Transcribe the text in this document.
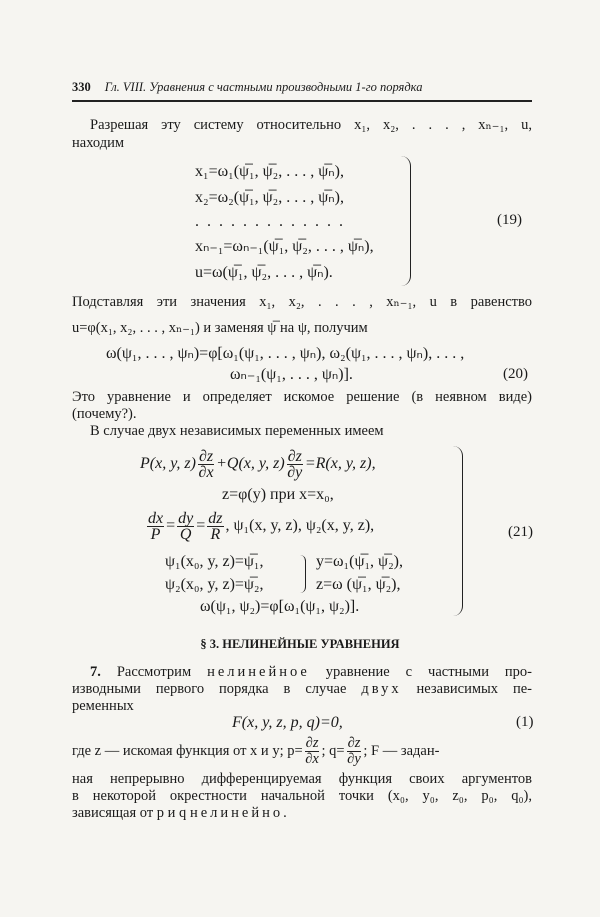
330 Гл. VIII. Уравнения с частными производными 1-го порядка
Разрешая эту систему относительно x₁, x₂, . . . , xₙ₋₁, u,
находим
x₁=ω₁(ψ̅₁, ψ̅₂, . . . , ψ̅ₙ),
x₂=ω₂(ψ̅₁, ψ̅₂, . . . , ψ̅ₙ),
. . . . . . . . . . . . .
xₙ₋₁=ωₙ₋₁(ψ̅₁, ψ̅₂, . . . , ψ̅ₙ),
u=ω(ψ̅₁, ψ̅₂, . . . , ψ̅ₙ).
(19)
Подставляя эти значения x₁, x₂, . . . , xₙ₋₁, u в равенство
u=φ(x₁, x₂, . . . , xₙ₋₁) и заменяя ψ̅ на ψ, получим
ω(ψ₁, . . . , ψₙ)=φ[ω₁(ψ₁, . . . , ψₙ), ω₂(ψ₁, . . . , ψₙ), . . . ,
ωₙ₋₁(ψ₁, . . . , ψₙ)].	(20)
Это уравнение и определяет искомое решение (в неявном виде)
(почему?).
В случае двух независимых переменных имеем
P(x, y, $z) \frac{\partial z}{\partial x} +Q(x$, y, $z) \frac{\partial z}{\partial y} =R(x$, y, z),
z=φ(y) при x=x₀,
$\frac{dx}{P} = \frac{dy}{Q} = \frac{dz}{R}$ , ψ₁(x, y, z), ψ₂(x, y, z),
ψ₁(x₀, y, z)=ψ̅₁,	y=ω₁(ψ̅₁, ψ̅₂),
ψ₂(x₀, y, z)=ψ̅₂,	z=ω (ψ̅₁, ψ̅₂),
ω(ψ₁, ψ₂)=φ[ω₁(ψ₁, ψ₂)].
(21)
§ 3. НЕЛИНЕЙНЫЕ УРАВНЕНИЯ
7. Рассмотрим нелинейное уравнение с частными про-
изводными первого порядка в случае двух независимых пе-
ременных
F(x, y, z, p, q)=0,	(1)
где z — искомая функция от x и y; $p= \frac{\partial z}{\partial x}$ ; $q= \frac{\partial z}{\partial y}$ ; F — задан-
ная непрерывно дифференцируемая функция своих аргументов
в некоторой окрестности начальной точки (x₀, y₀, z₀, p₀, q₀),
зависящая от p и q нелинейно.
